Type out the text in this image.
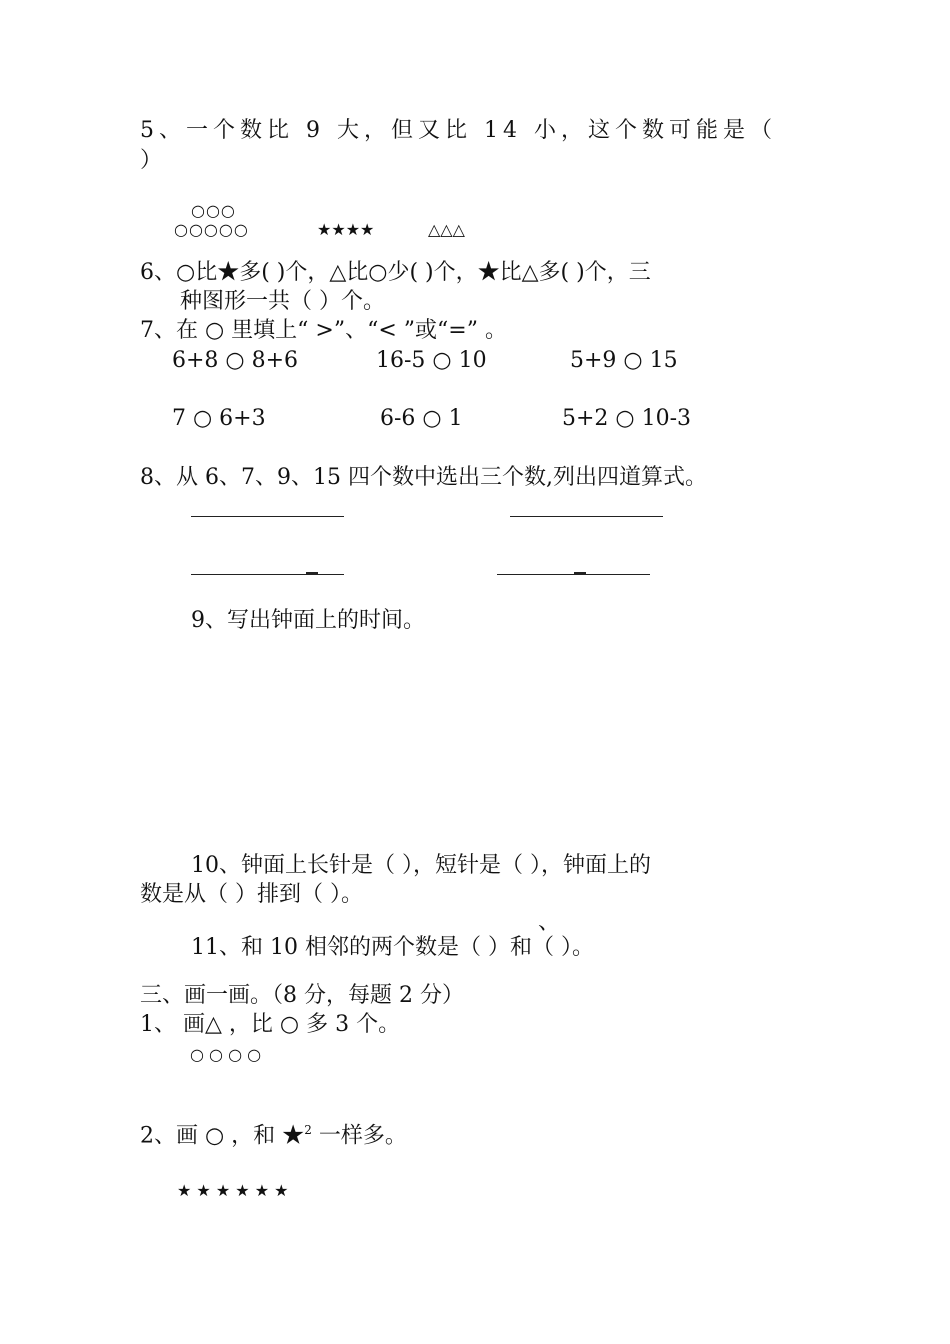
5、一个数比 9 大，但又比 14 小，这个数可能是（
）
○○○
○○○○○	★★★★	△△△
6、○比★多( )个，△比○少( )个，★比△多( )个，三
种图形一共（ ）个。
7、在 ○ 里填上“ >”、“< ”或“=” 。
6+8 ○ 8+6	16-5 ○ 10	5+9 ○ 15
7 ○ 6+3	6-6 ○ 1	5+2 ○ 10-3
8、从 6、7、9、15 四个数中选出三个数,列出四道算式。
9、写出钟面上的时间。
10、钟面上长针是（ ），短针是（ ），钟面上的
数是从（ ）排到（ ）。
、
11、和 10 相邻的两个数是（ ）和（ ）。
三、画一画。（8 分，每题 2 分）
1、 画△ ，比 ○ 多 3 个。
○ ○ ○ ○
2、画 ○ ，和 ★$^2$ 一样多。
★ ★ ★ ★ ★ ★
